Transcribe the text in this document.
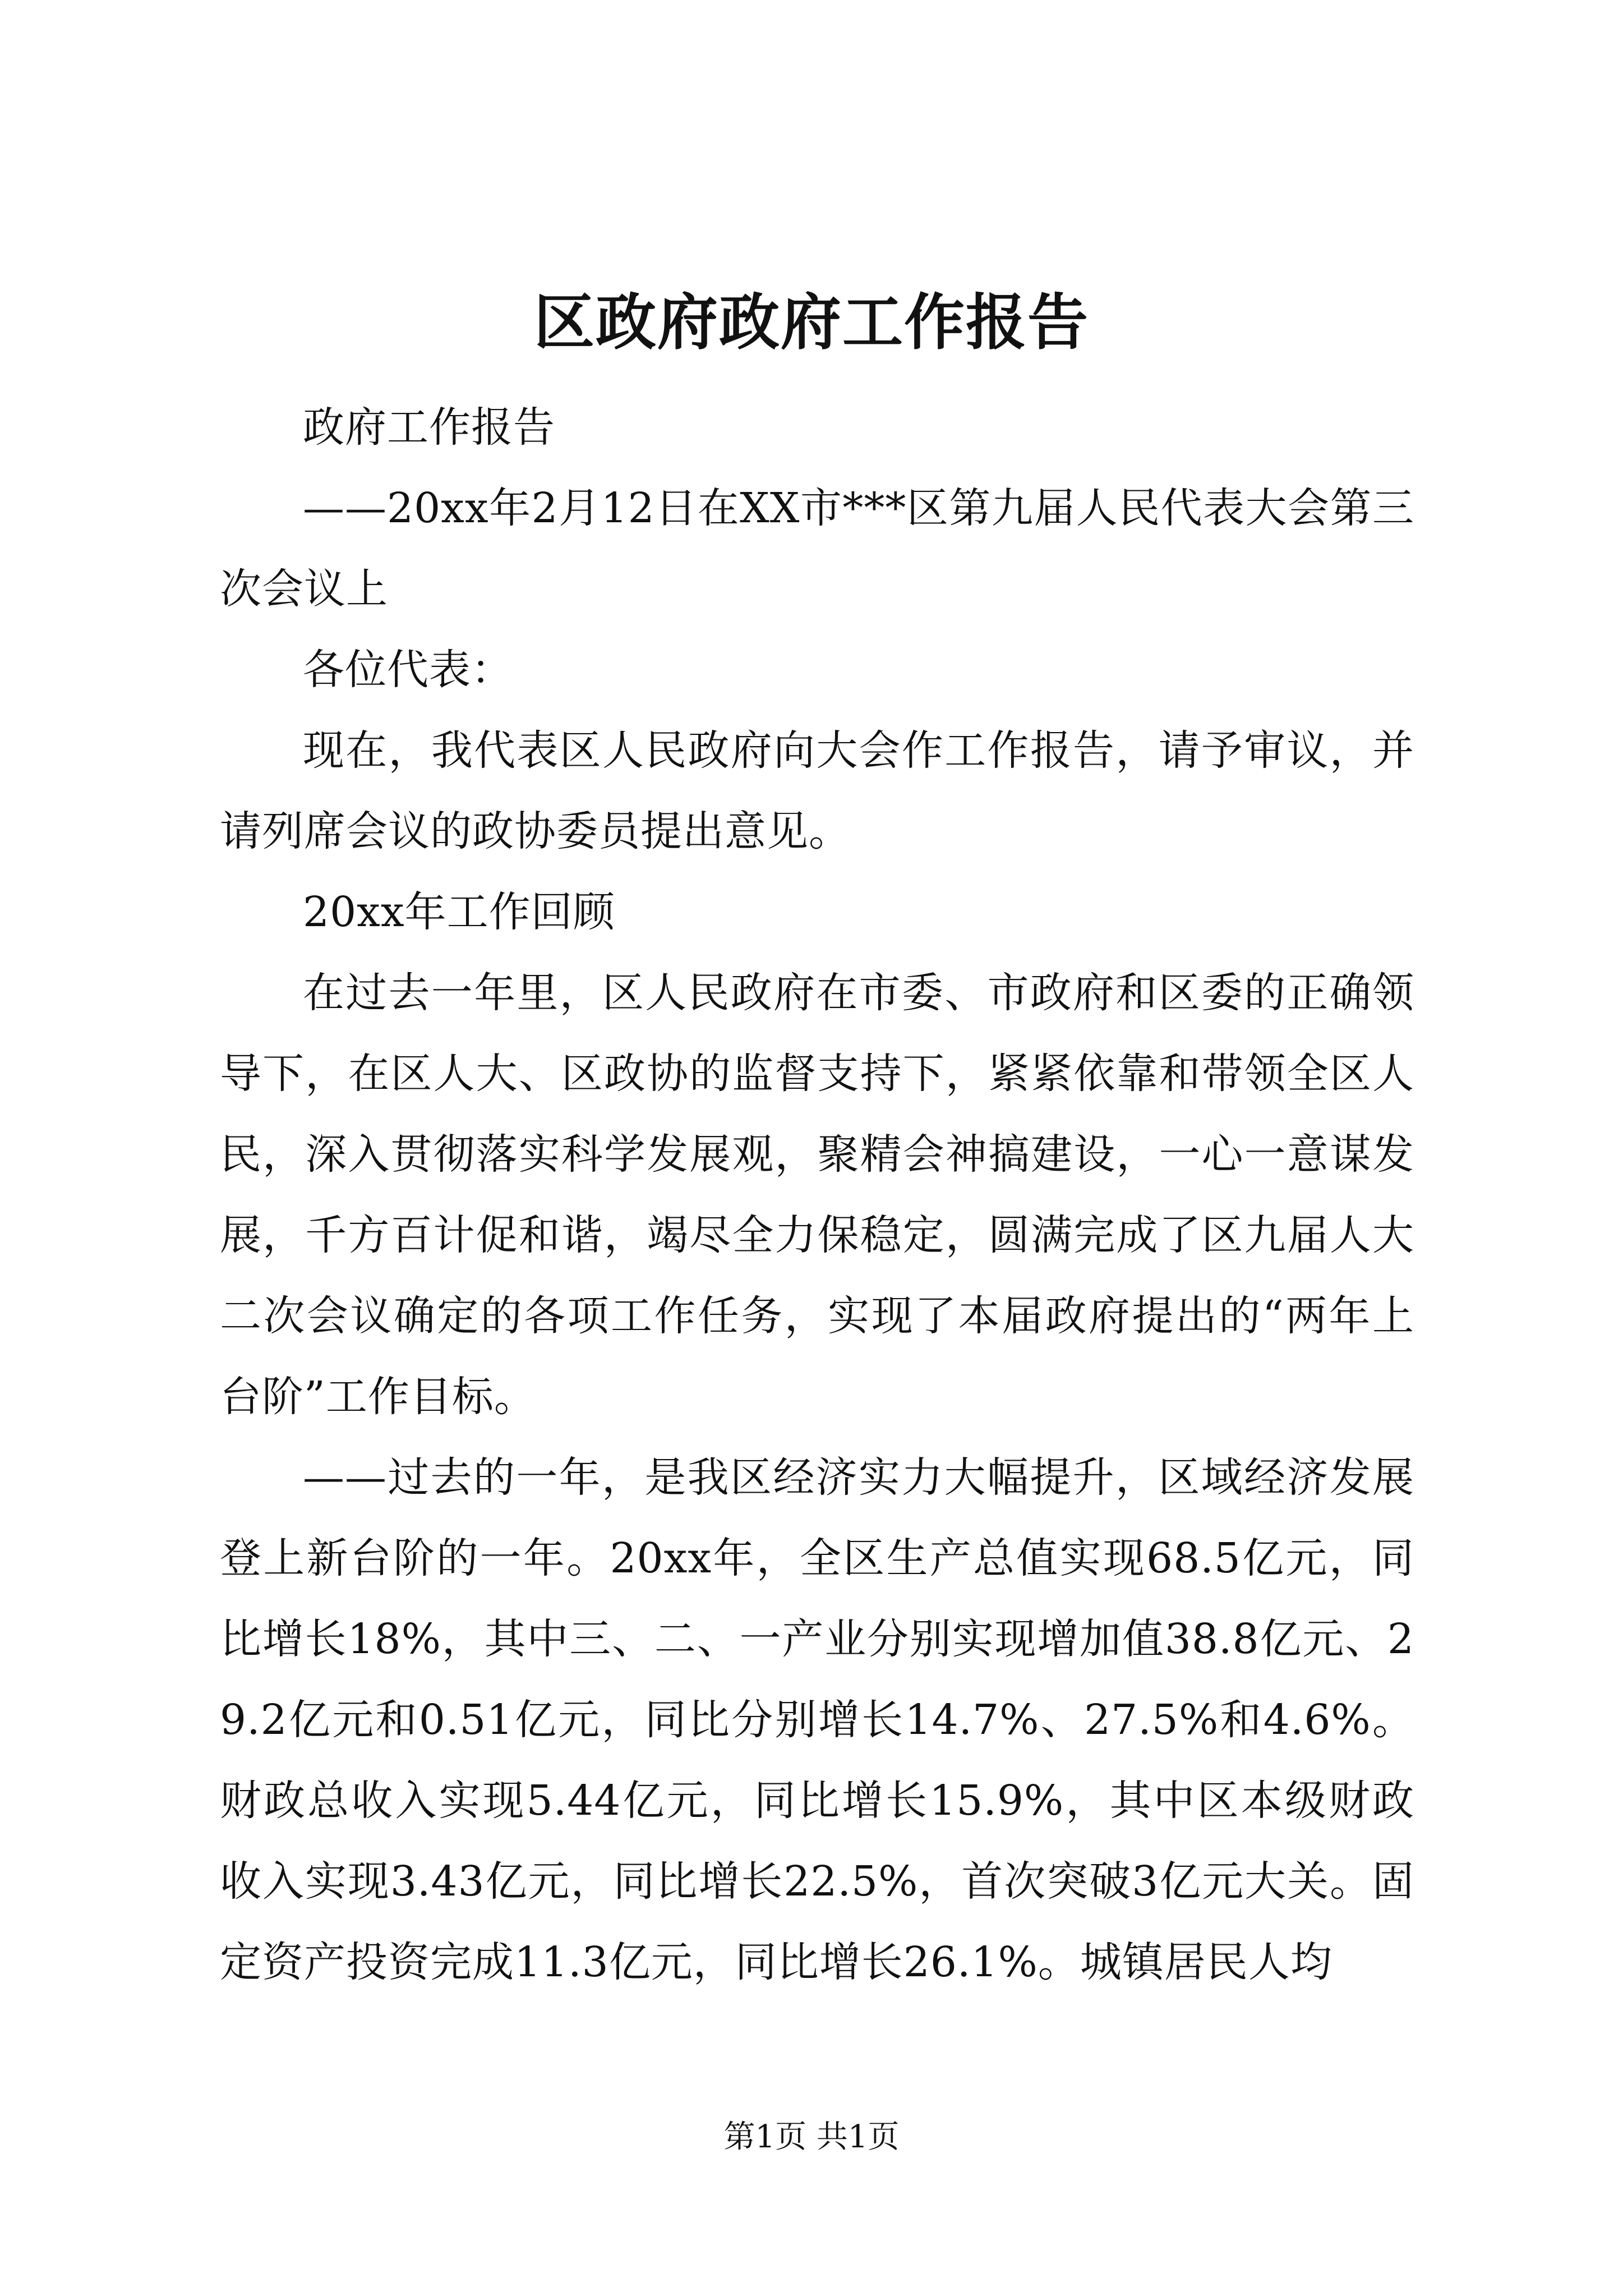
区政府政府工作报告

政府工作报告

——20xx年2月12日在XX市***区第九届人民代表大会第三次会议上

各位代表：

现在，我代表区人民政府向大会作工作报告，请予审议，并请列席会议的政协委员提出意见。

20xx年工作回顾

在过去一年里，区人民政府在市委、市政府和区委的正确领导下，在区人大、区政协的监督支持下，紧紧依靠和带领全区人民，深入贯彻落实科学发展观，聚精会神搞建设，一心一意谋发展，千方百计促和谐，竭尽全力保稳定，圆满完成了区九届人大二次会议确定的各项工作任务，实现了本届政府提出的“两年上台阶”工作目标。

——过去的一年，是我区经济实力大幅提升，区域经济发展登上新台阶的一年。20xx年，全区生产总值实现68.5亿元，同比增长18%，其中三、二、一产业分别实现增加值38.8亿元、29.2亿元和0.51亿元，同比分别增长14.7%、27.5%和4.6%。财政总收入实现5.44亿元，同比增长15.9%，其中区本级财政收入实现3.43亿元，同比增长22.5%，首次突破3亿元大关。固定资产投资完成11.3亿元，同比增长26.1%。城镇居民人均

第1页 共1页
